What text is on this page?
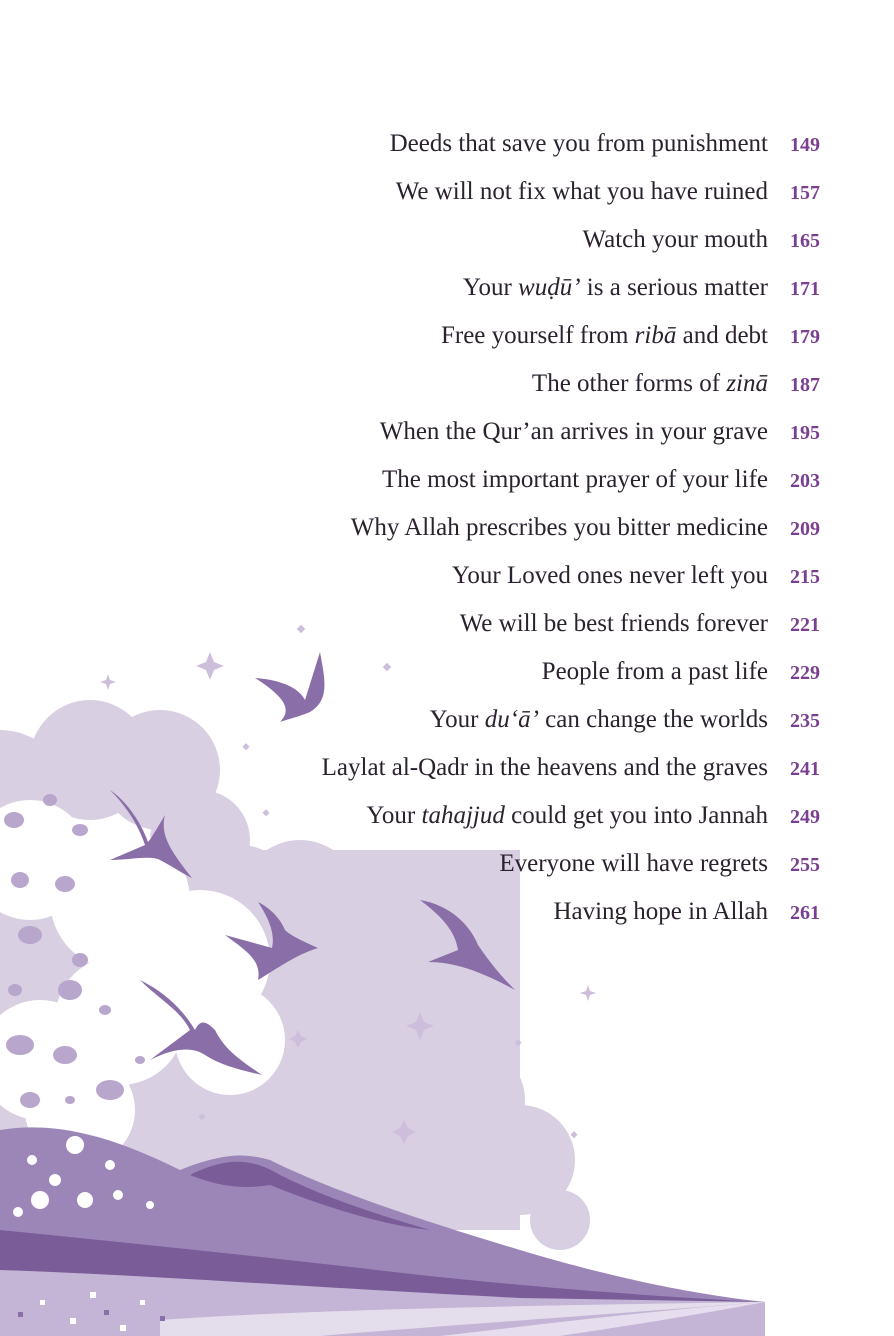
Deeds that save you from punishment	149
We will not fix what you have ruined	157
Watch your mouth	165
Your wuḍū’ is a serious matter	171
Free yourself from ribā and debt	179
The other forms of zinā	187
When the Qur’an arrives in your grave	195
The most important prayer of your life	203
Why Allah prescribes you bitter medicine	209
Your Loved ones never left you	215
We will be best friends forever	221
People from a past life	229
Your du‘ā’ can change the worlds	235
Laylat al-Qadr in the heavens and the graves	241
Your tahajjud could get you into Jannah	249
Everyone will have regrets	255
Having hope in Allah	261
